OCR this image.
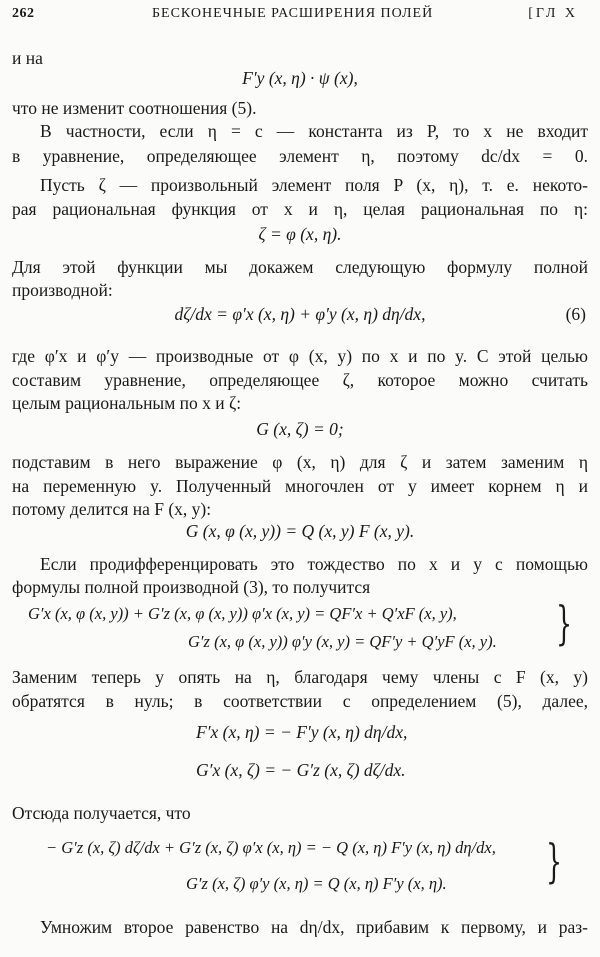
262	БЕСКОНЕЧНЫЕ РАСШИРЕНИЯ ПОЛЕЙ	[ГЛ X
и на
F′y (x, η) · ψ (x),
что не изменит соотношения (5).
В частности, если η = c — константа из P, то x не входит
в уравнение, определяющее элемент η, поэтому dc/dx = 0.
Пусть ζ — произвольный элемент поля P (x, η), т. е. некото-
рая рациональная функция от x и η, целая рациональная по η:
ζ = φ (x, η).
Для этой функции мы докажем следующую формулу полной
производной:
dζ/dx = φ′x (x, η) + φ′y (x, η) dη/dx,	(6)
где φ′x и φ′y — производные от φ (x, y) по x и по y. С этой целью
составим уравнение, определяющее ζ, которое можно считать
целым рациональным по x и ζ:
G (x, ζ) = 0;
подставим в него выражение φ (x, η) для ζ и затем заменим η
на переменную y. Полученный многочлен от y имеет корнем η и
потому делится на F (x, y):
G (x, φ (x, y)) = Q (x, y) F (x, y).
Если продифференцировать это тождество по x и y с помощью
формулы полной производной (3), то получится
G′x (x, φ (x, y)) + G′z (x, φ (x, y)) φ′x (x, y) = QF′x + Q′xF (x, y),
G′z (x, φ (x, y)) φ′y (x, y) = QF′y + Q′yF (x, y). }
Заменим теперь y опять на η, благодаря чему члены с F (x, y)
обратятся в нуль; в соответствии с определением (5), далее,
F′x (x, η) = − F′y (x, η) dη/dx,
G′x (x, ζ) = − G′z (x, ζ) dζ/dx.
Отсюда получается, что
− G′z (x, ζ) dζ/dx + G′z (x, ζ) φ′x (x, η) = − Q (x, η) F′y (x, η) dη/dx,
G′z (x, ζ) φ′y (x, η) = Q (x, η) F′y (x, η). }
Умножим второе равенство на dη/dx, прибавим к первому, и раз-
